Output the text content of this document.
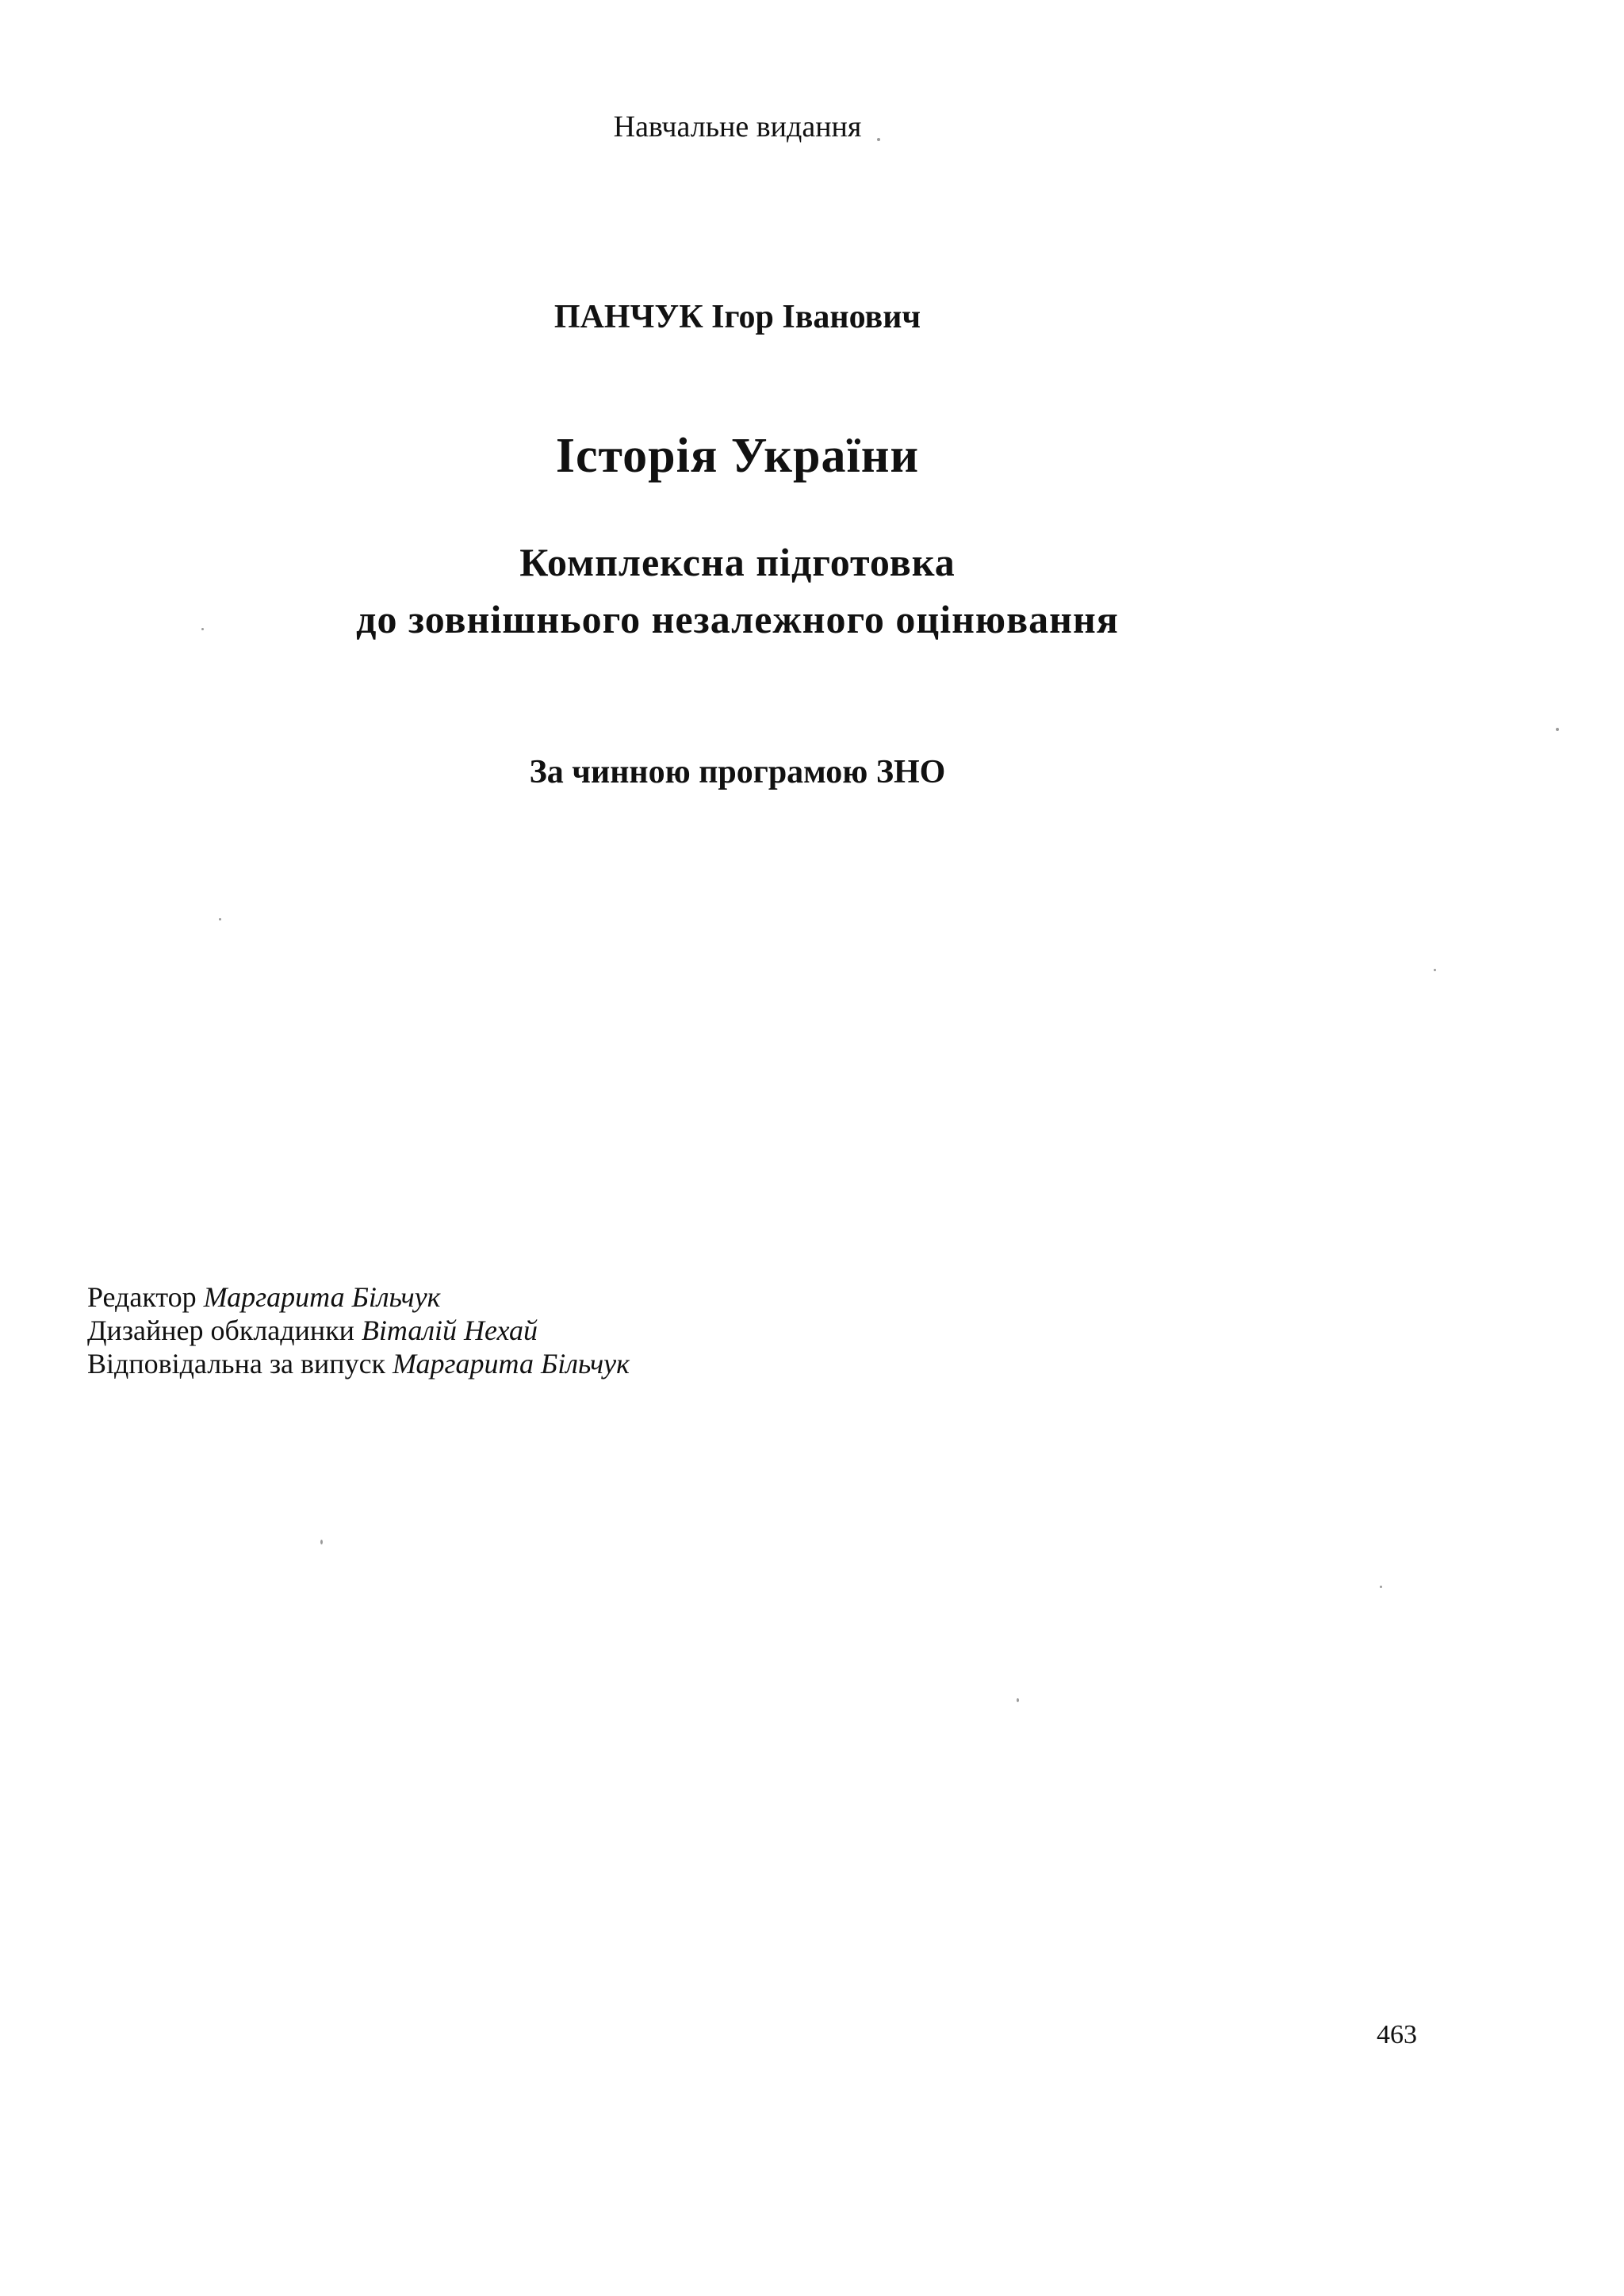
Навчальне видання
ПАНЧУК Ігор Іванович
Історія України
Комплексна підготовка
до зовнішнього незалежного оцінювання
За чинною програмою ЗНО
Редактор Маргарита Більчук
Дизайнер обкладинки Віталій Нехай
Відповідальна за випуск Маргарита Більчук
463
